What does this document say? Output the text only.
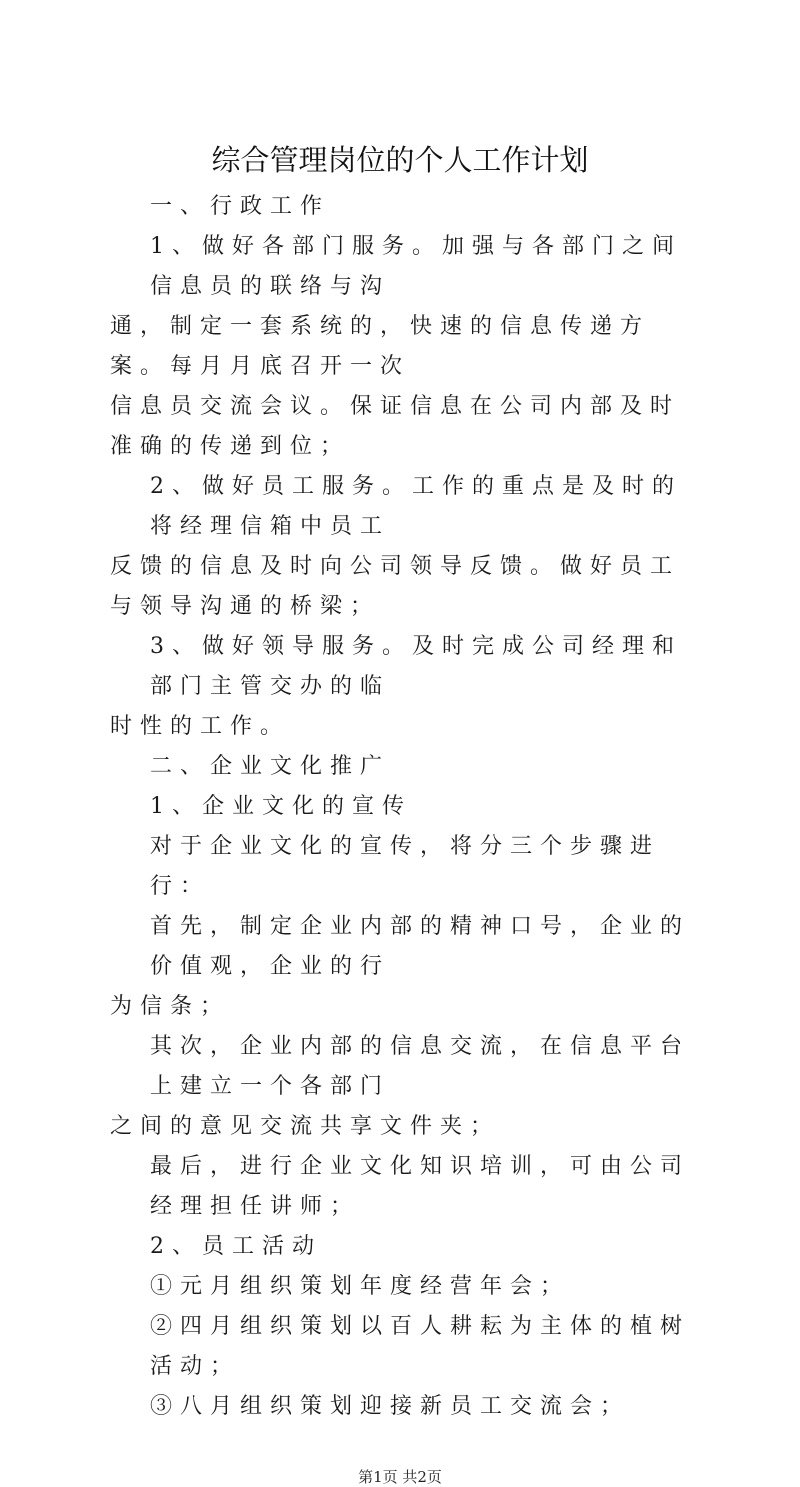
综合管理岗位的个人工作计划
一、行政工作
1、做好各部门服务。加强与各部门之间信息员的联络与沟
通，制定一套系统的，快速的信息传递方案。每月月底召开一次
信息员交流会议。保证信息在公司内部及时准确的传递到位；
2、做好员工服务。工作的重点是及时的将经理信箱中员工
反馈的信息及时向公司领导反馈。做好员工与领导沟通的桥梁；
3、做好领导服务。及时完成公司经理和部门主管交办的临
时性的工作。
二、企业文化推广
1、企业文化的宣传
对于企业文化的宣传，将分三个步骤进行：
首先，制定企业内部的精神口号，企业的价值观，企业的行
为信条；
其次，企业内部的信息交流，在信息平台上建立一个各部门
之间的意见交流共享文件夹；
最后，进行企业文化知识培训，可由公司经理担任讲师；
2、员工活动
①元月组织策划年度经营年会；
②四月组织策划以百人耕耘为主体的植树活动；
③八月组织策划迎接新员工交流会；
第1页 共2页
